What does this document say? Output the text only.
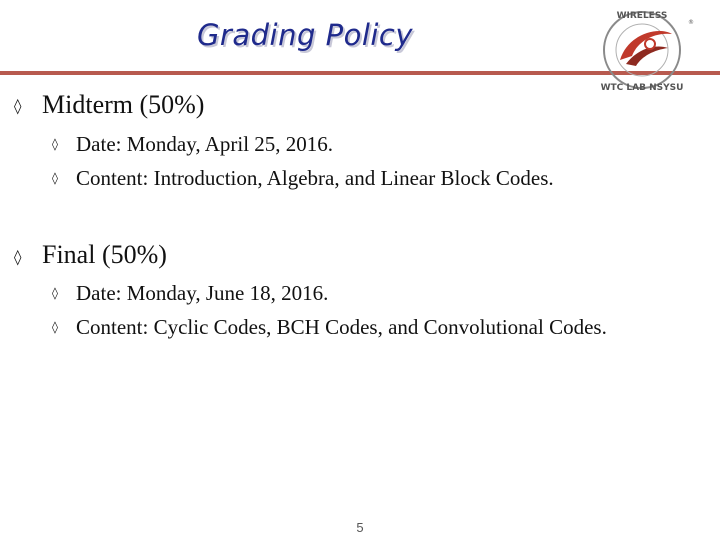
Grading Policy
WIRELESS
WTC LAB NSYSU
®
◊ Midterm (50%)
◊ Date: Monday, April 25, 2016.
◊ Content: Introduction, Algebra, and Linear Block Codes.
◊ Final (50%)
◊ Date: Monday, June 18, 2016.
◊ Content: Cyclic Codes, BCH Codes, and Convolutional Codes.
5
